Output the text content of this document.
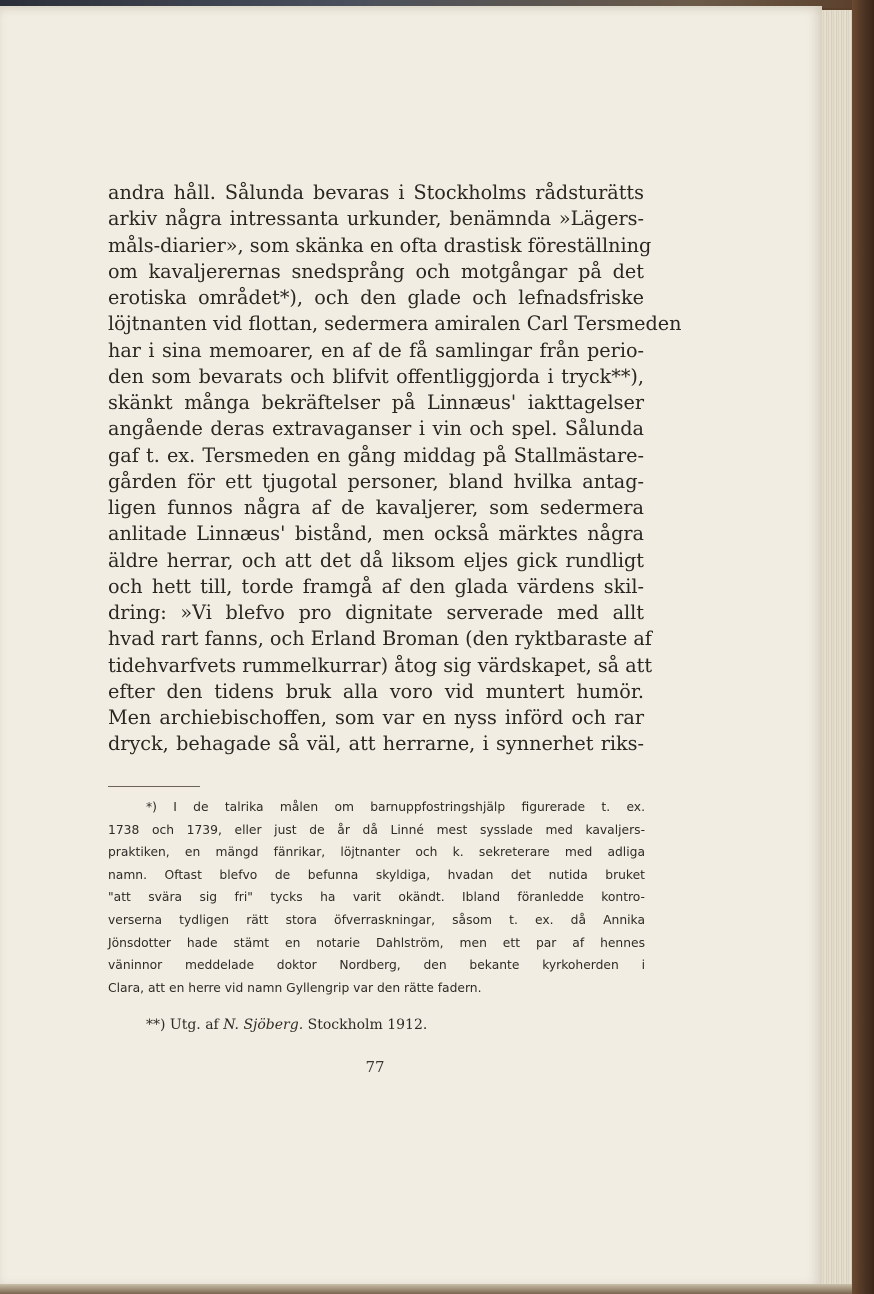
andra håll. Sålunda bevaras i Stockholms rådsturätts
arkiv några intressanta urkunder, benämnda »Lägers-
måls-diarier», som skänka en ofta drastisk föreställning
om kavaljerernas snedsprång och motgångar på det
erotiska området*), och den glade och lefnadsfriske
löjtnanten vid flottan, sedermera amiralen Carl Tersmeden
har i sina memoarer, en af de få samlingar från perio-
den som bevarats och blifvit offentliggjorda i tryck**),
skänkt många bekräftelser på Linnæus' iakttagelser
angående deras extravaganser i vin och spel. Sålunda
gaf t. ex. Tersmeden en gång middag på Stallmästare-
gården för ett tjugotal personer, bland hvilka antag-
ligen funnos några af de kavaljerer, som sedermera
anlitade Linnæus' bistånd, men också märktes några
äldre herrar, och att det då liksom eljes gick rundligt
och hett till, torde framgå af den glada värdens skil-
dring: »Vi blefvo pro dignitate serverade med allt
hvad rart fanns, och Erland Broman (den ryktbaraste af
tidehvarfvets rummelkurrar) åtog sig värdskapet, så att
efter den tidens bruk alla voro vid muntert humör.
Men archiebischoffen, som var en nyss införd och rar
dryck, behagade så väl, att herrarne, i synnerhet riks-
*) I de talrika målen om barnuppfostringshjälp figurerade t. ex.
1738 och 1739, eller just de år då Linné mest sysslade med kavaljers-
praktiken, en mängd fänrikar, löjtnanter och k. sekreterare med adliga
namn. Oftast blefvo de befunna skyldiga, hvadan det nutida bruket
"att svära sig fri" tycks ha varit okändt. Ibland föranledde kontro-
verserna tydligen rätt stora öfverraskningar, såsom t. ex. då Annika
Jönsdotter hade stämt en notarie Dahlström, men ett par af hennes
väninnor meddelade doktor Nordberg, den bekante kyrkoherden i
Clara, att en herre vid namn Gyllengrip var den rätte fadern.
**) Utg. af N. Sjöberg. Stockholm 1912.
77
